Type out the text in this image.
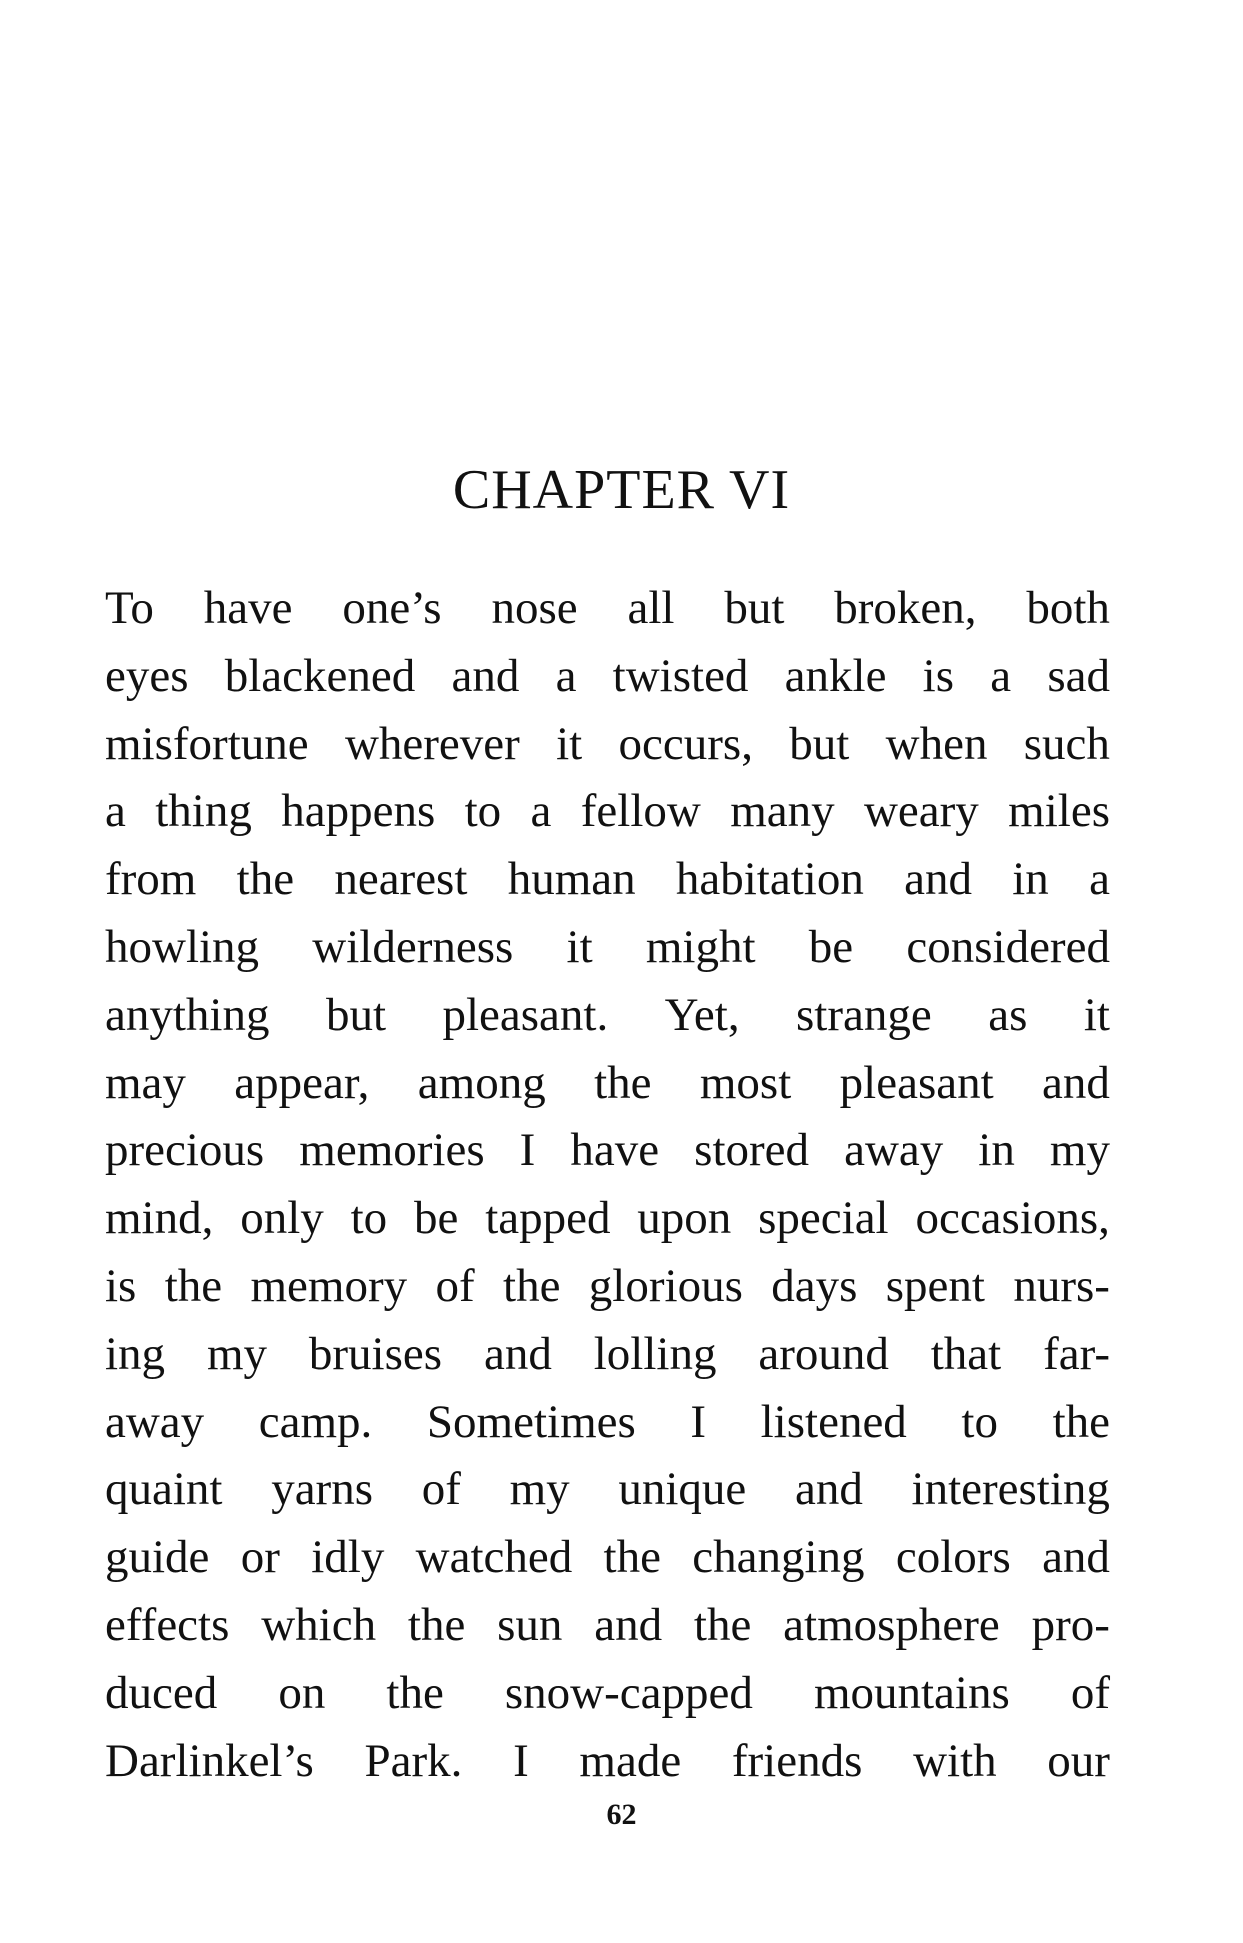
CHAPTER VI
To have one’s nose all but broken, both
eyes blackened and a twisted ankle is a sad
misfortune wherever it occurs, but when such
a thing happens to a fellow many weary miles
from the nearest human habitation and in a
howling wilderness it might be considered
anything but pleasant. Yet, strange as it
may appear, among the most pleasant and
precious memories I have stored away in my
mind, only to be tapped upon special occasions,
is the memory of the glorious days spent nurs-
ing my bruises and lolling around that far-
away camp. Sometimes I listened to the
quaint yarns of my unique and interesting
guide or idly watched the changing colors and
effects which the sun and the atmosphere pro-
duced on the snow-capped mountains of
Darlinkel’s Park. I made friends with our
62
